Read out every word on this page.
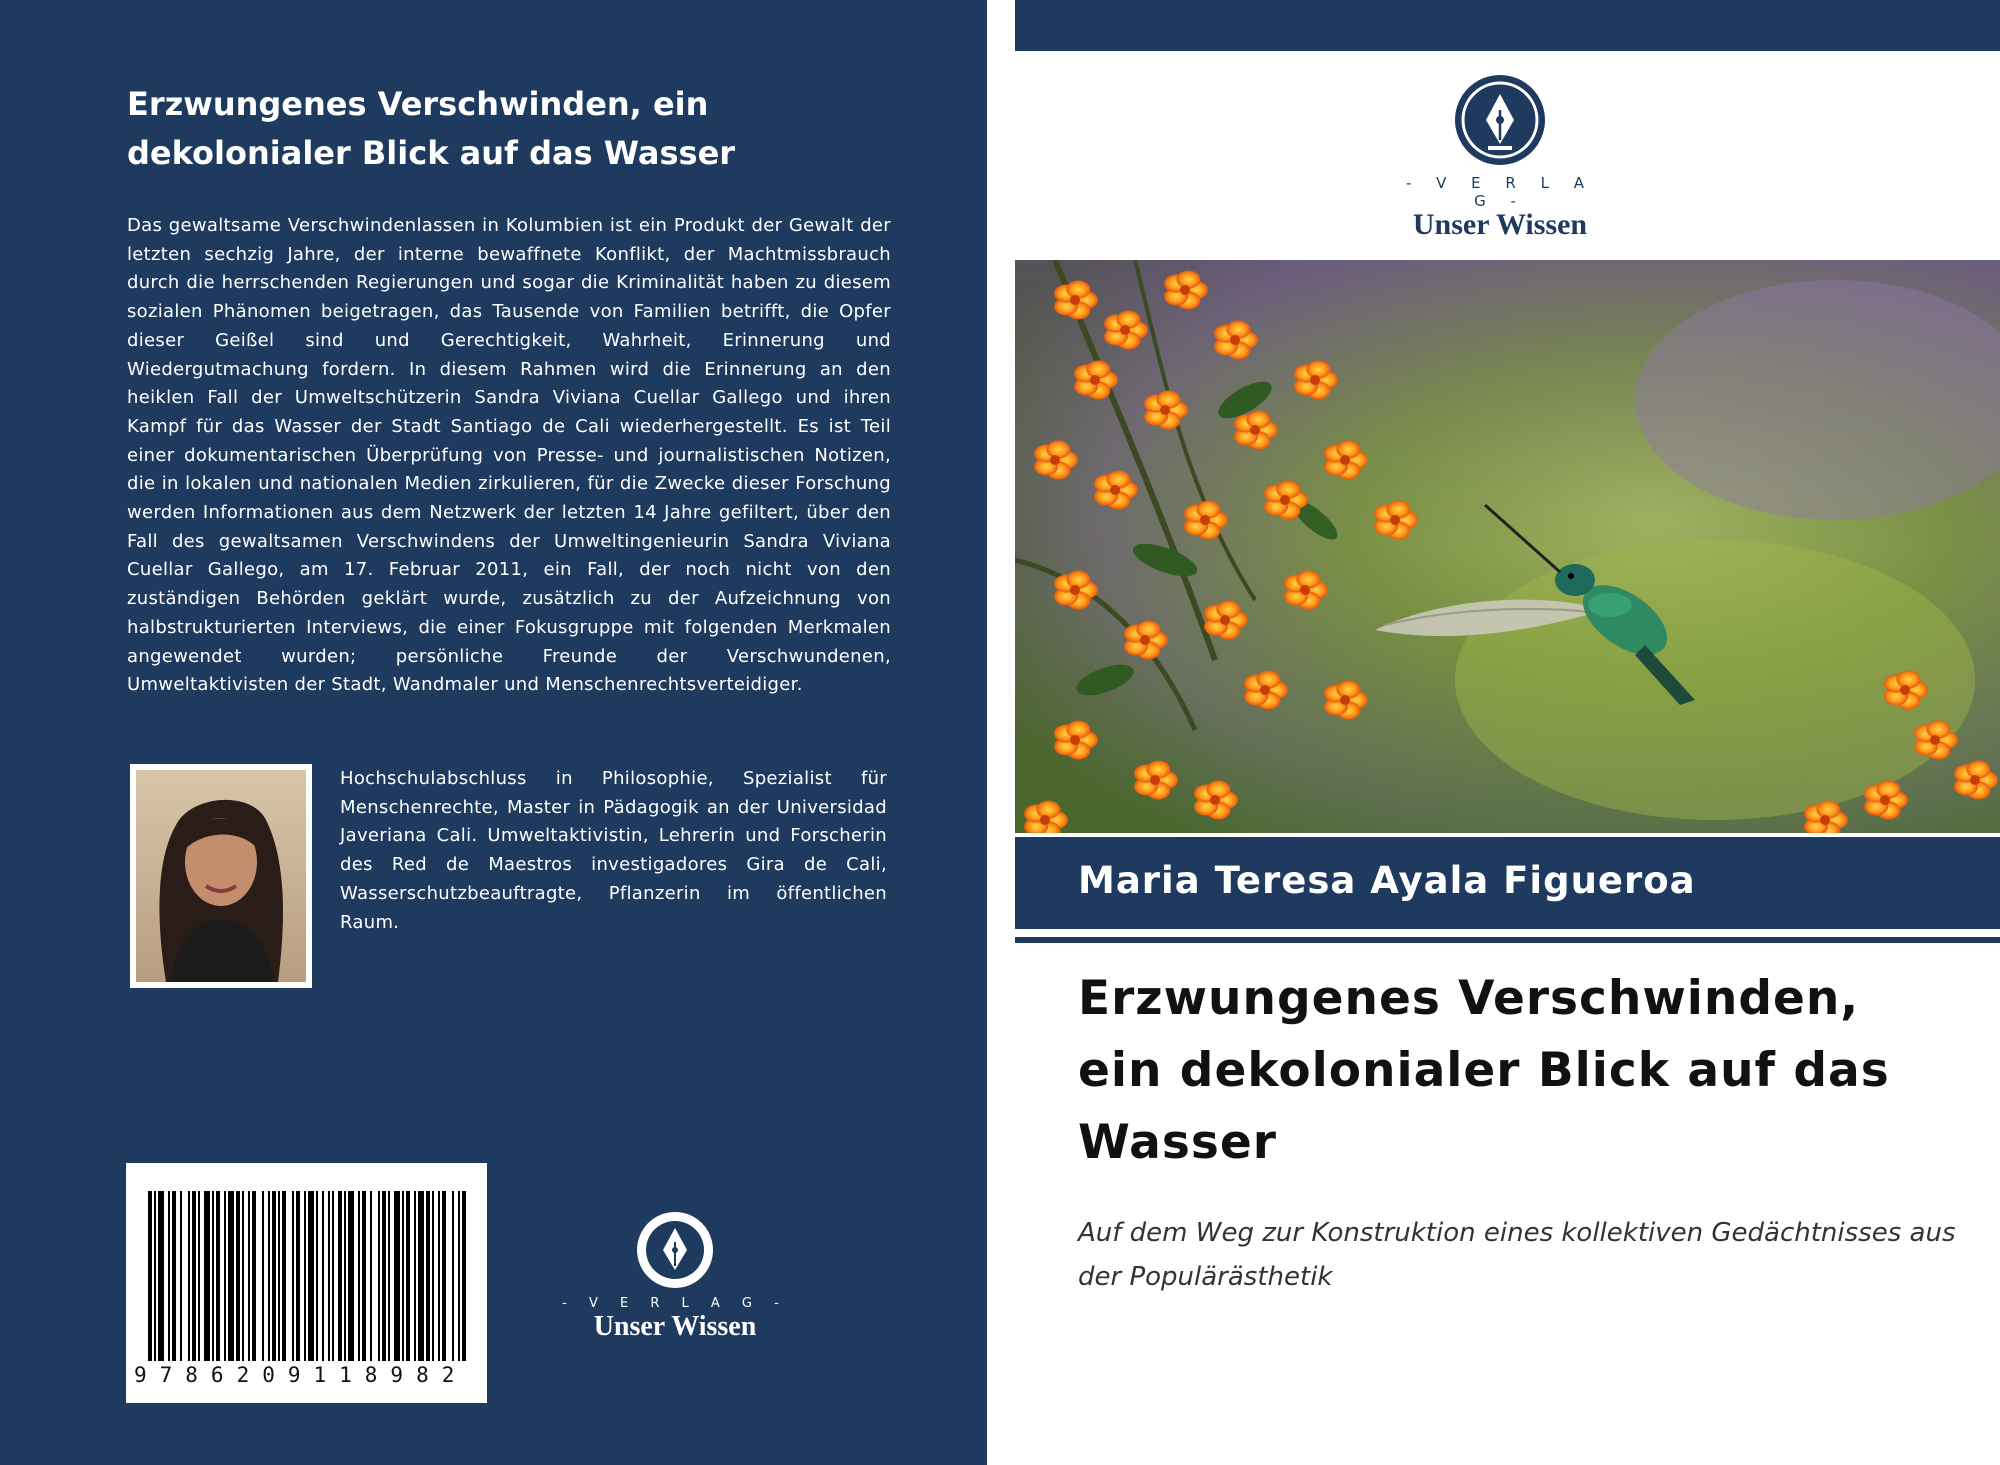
Erzwungenes Verschwinden, ein dekolonialer Blick auf das Wasser

Das gewaltsame Verschwindenlassen in Kolumbien ist ein Produkt der Gewalt der letzten sechzig Jahre, der interne bewaffnete Konflikt, der Machtmissbrauch durch die herrschenden Regierungen und sogar die Kriminalität haben zu diesem sozialen Phänomen beigetragen, das Tausende von Familien betrifft, die Opfer dieser Geißel sind und Gerechtigkeit, Wahrheit, Erinnerung und Wiedergutmachung fordern. In diesem Rahmen wird die Erinnerung an den heiklen Fall der Umweltschützerin Sandra Viviana Cuellar Gallego und ihren Kampf für das Wasser der Stadt Santiago de Cali wiederhergestellt. Es ist Teil einer dokumentarischen Überprüfung von Presse- und journalistischen Notizen, die in lokalen und nationalen Medien zirkulieren, für die Zwecke dieser Forschung werden Informationen aus dem Netzwerk der letzten 14 Jahre gefiltert, über den Fall des gewaltsamen Verschwindens der Umweltingenieurin Sandra Viviana Cuellar Gallego, am 17. Februar 2011, ein Fall, der noch nicht von den zuständigen Behörden geklärt wurde, zusätzlich zu der Aufzeichnung von halbstrukturierten Interviews, die einer Fokusgruppe mit folgenden Merkmalen angewendet wurden; persönliche Freunde der Verschwundenen, Umweltaktivisten der Stadt, Wandmaler und Menschenrechtsverteidiger.

Hochschulabschluss in Philosophie, Spezialist für Menschenrechte, Master in Pädagogik an der Universidad Javeriana Cali. Umweltaktivistin, Lehrerin und Forscherin des Red de Maestros investigadores Gira de Cali, Wasserschutzbeauftragte, Pflanzerin im öffentlichen Raum.

9786209118982
- V E R L A G -
Unser Wissen
- V E R L A G -
Unser Wissen
Maria Teresa Ayala Figueroa
Erzwungenes Verschwinden, ein dekolonialer Blick auf das Wasser

Auf dem Weg zur Konstruktion eines kollektiven Gedächtnisses aus der Populärästhetik
